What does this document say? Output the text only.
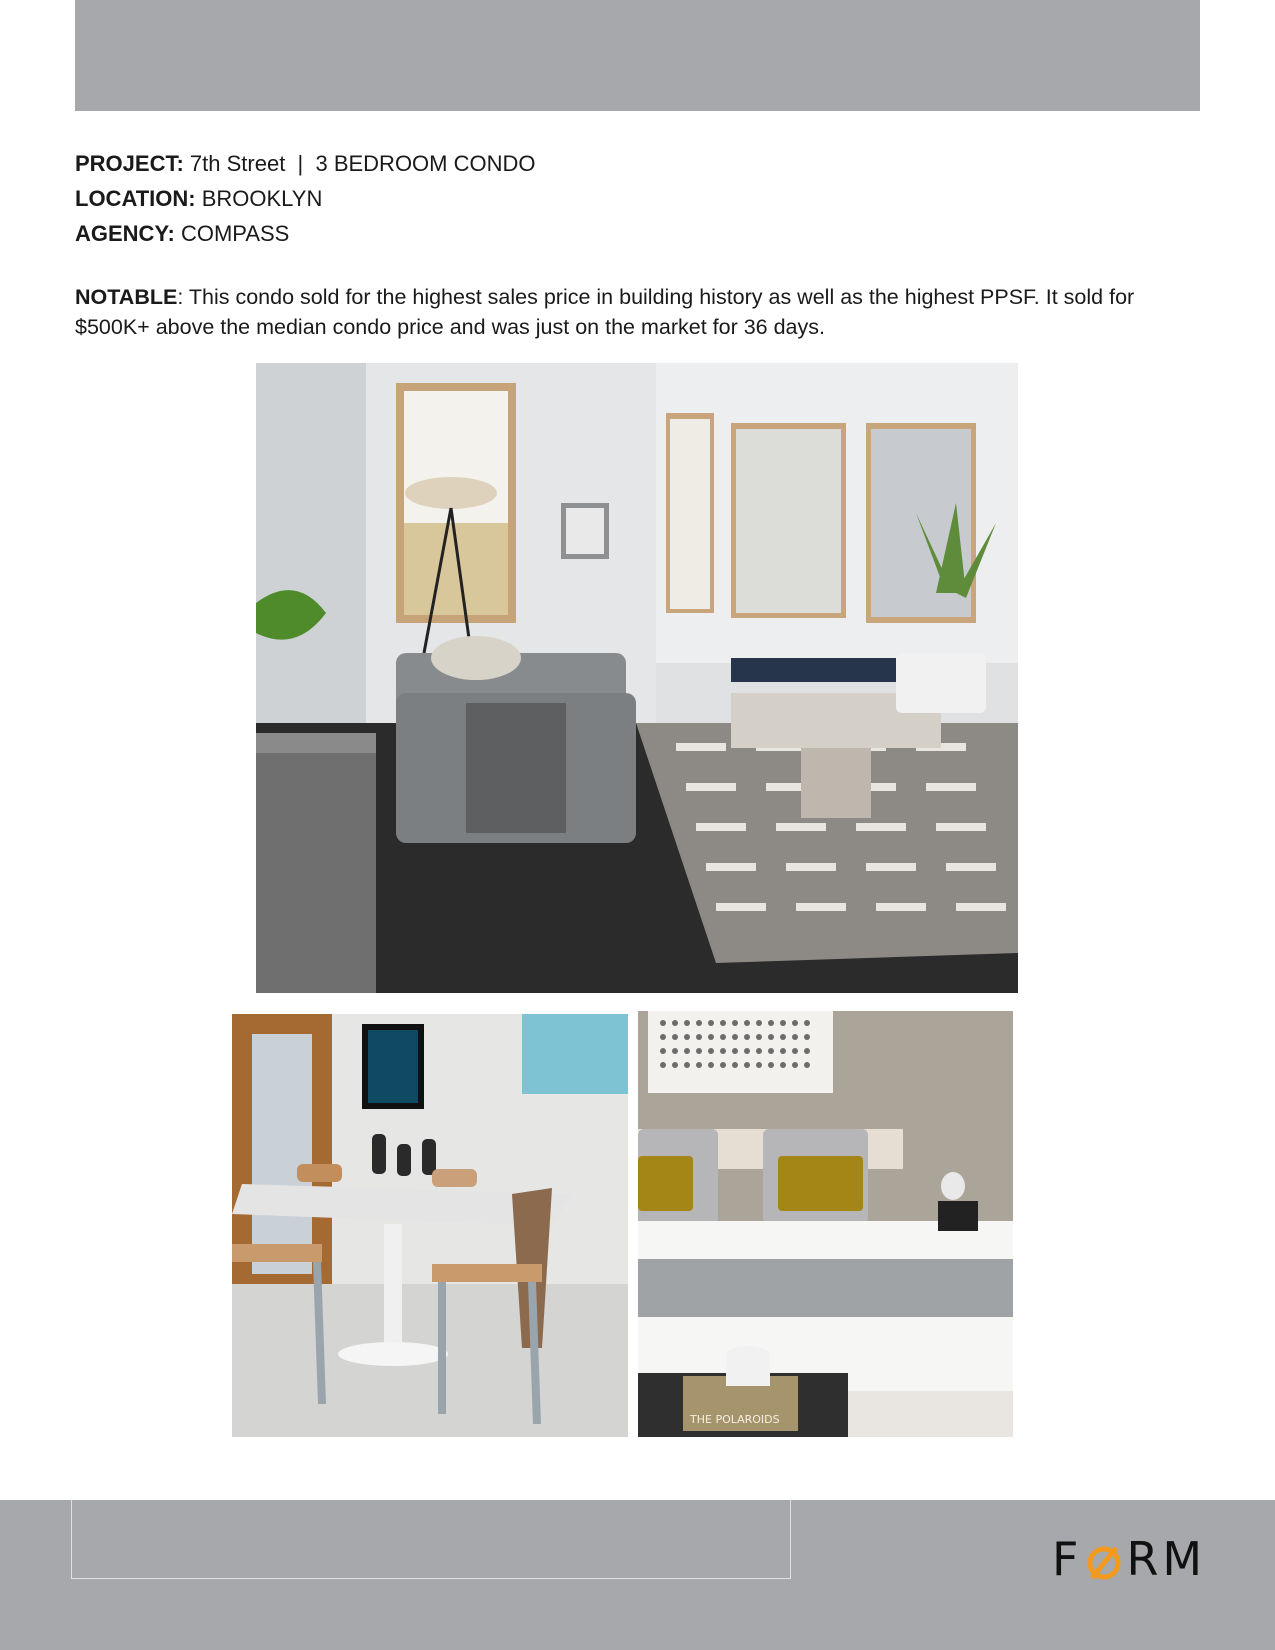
PROJECT: 7th Street  |  3 BEDROOM CONDO
LOCATION: BROOKLYN
AGENCY: COMPASS
NOTABLE: This condo sold for the highest sales price in building history as well as the highest PPSF. It sold for $500K+ above the median condo price and was just on the market for 36 days.
THE POLAROIDS
F RM
